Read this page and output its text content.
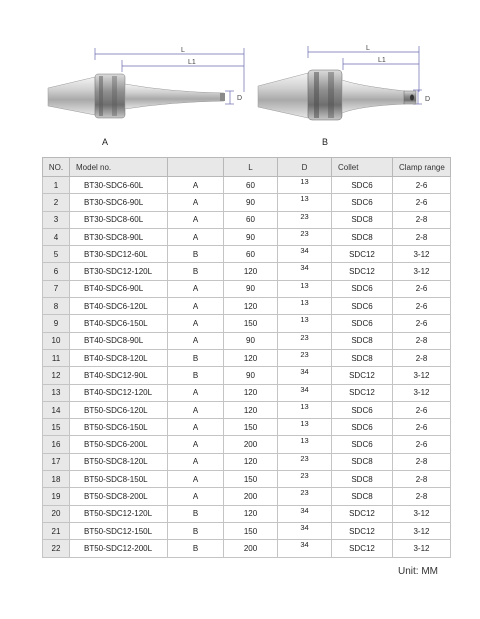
L
L1
D
L
L1
D
A	B
NO.	Model no.		L	D	Collet	Clamp range
1	BT30-SDC6-60L	A	60	13	SDC6	2-6
2	BT30-SDC6-90L	A	90	13	SDC6	2-6
3	BT30-SDC8-60L	A	60	23	SDC8	2-8
4	BT30-SDC8-90L	A	90	23	SDC8	2-8
5	BT30-SDC12-60L	B	60	34	SDC12	3-12
6	BT30-SDC12-120L	B	120	34	SDC12	3-12
7	BT40-SDC6-90L	A	90	13	SDC6	2-6
8	BT40-SDC6-120L	A	120	13	SDC6	2-6
9	BT40-SDC6-150L	A	150	13	SDC6	2-6
10	BT40-SDC8-90L	A	90	23	SDC8	2-8
11	BT40-SDC8-120L	B	120	23	SDC8	2-8
12	BT40-SDC12-90L	B	90	34	SDC12	3-12
13	BT40-SDC12-120L	A	120	34	SDC12	3-12
14	BT50-SDC6-120L	A	120	13	SDC6	2-6
15	BT50-SDC6-150L	A	150	13	SDC6	2-6
16	BT50-SDC6-200L	A	200	13	SDC6	2-6
17	BT50-SDC8-120L	A	120	23	SDC8	2-8
18	BT50-SDC8-150L	A	150	23	SDC8	2-8
19	BT50-SDC8-200L	A	200	23	SDC8	2-8
20	BT50-SDC12-120L	B	120	34	SDC12	3-12
21	BT50-SDC12-150L	B	150	34	SDC12	3-12
22	BT50-SDC12-200L	B	200	34	SDC12	3-12
Unit: MM
